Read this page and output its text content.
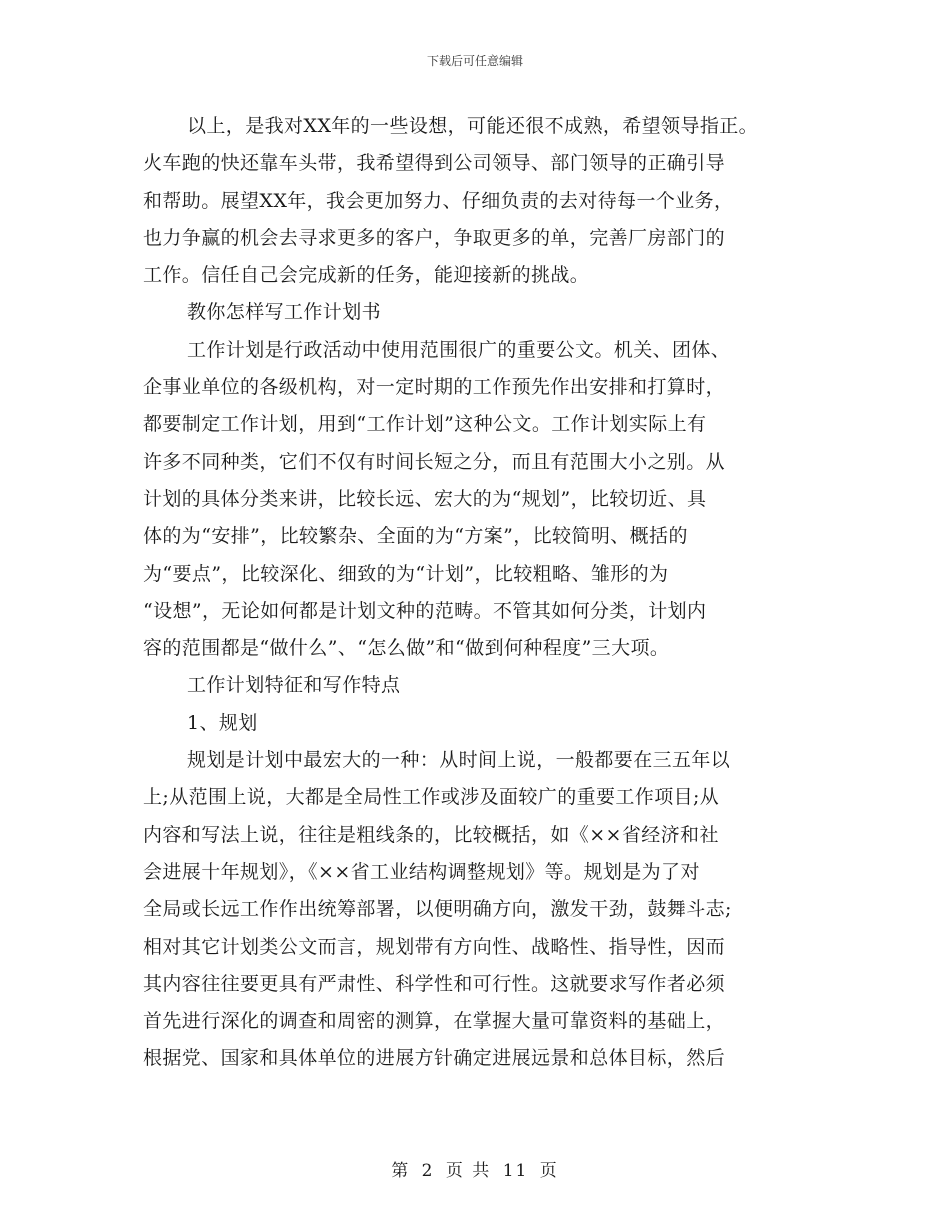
下载后可任意编辑
以上，是我对XX年的一些设想，可能还很不成熟，希望领导指正。
火车跑的快还靠车头带，我希望得到公司领导、部门领导的正确引导
和帮助。展望XX年，我会更加努力、仔细负责的去对待每一个业务，
也力争赢的机会去寻求更多的客户，争取更多的单，完善厂房部门的
工作。信任自己会完成新的任务，能迎接新的挑战。
教你怎样写工作计划书
工作计划是行政活动中使用范围很广的重要公文。机关、团体、
企事业单位的各级机构，对一定时期的工作预先作出安排和打算时，
都要制定工作计划，用到“工作计划”这种公文。工作计划实际上有
许多不同种类，它们不仅有时间长短之分，而且有范围大小之别。从
计划的具体分类来讲，比较长远、宏大的为“规划”，比较切近、具
体的为“安排”，比较繁杂、全面的为“方案”，比较简明、概括的
为“要点”，比较深化、细致的为“计划”，比较粗略、雏形的为
“设想”，无论如何都是计划文种的范畴。不管其如何分类，计划内
容的范围都是“做什么”、“怎么做”和“做到何种程度”三大项。
工作计划特征和写作特点
1、规划
规划是计划中最宏大的一种：从时间上说，一般都要在三五年以
上;从范围上说，大都是全局性工作或涉及面较广的重要工作项目;从
内容和写法上说，往往是粗线条的，比较概括，如《××省经济和社
会进展十年规划》，《××省工业结构调整规划》等。规划是为了对
全局或长远工作作出统筹部署，以便明确方向，激发干劲，鼓舞斗志;
相对其它计划类公文而言，规划带有方向性、战略性、指导性，因而
其内容往往要更具有严肃性、科学性和可行性。这就要求写作者必须
首先进行深化的调查和周密的测算，在掌握大量可靠资料的基础上，
根据党、国家和具体单位的进展方针确定进展远景和总体目标，然后
第 2 页 共 11 页
